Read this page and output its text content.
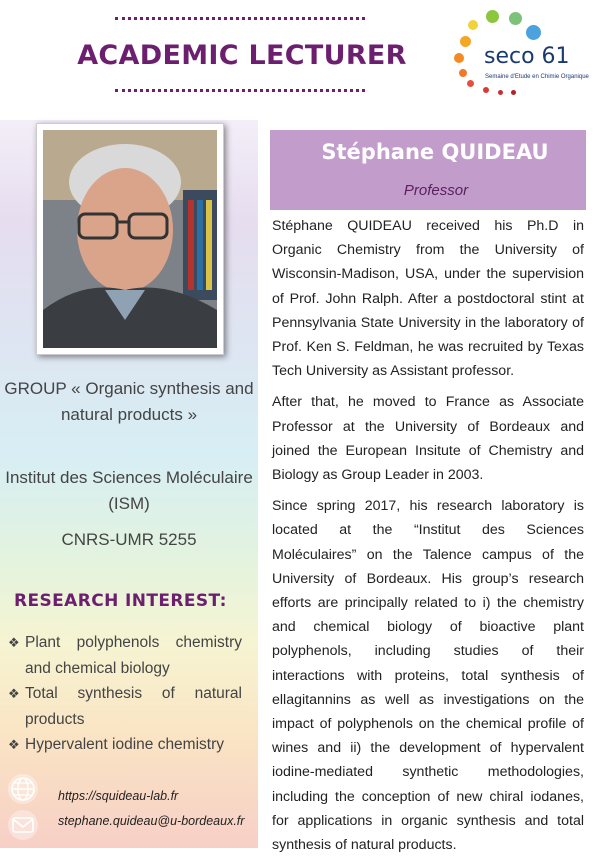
ACADEMIC LECTURER	seco 61
Semaine d'Etude en Chimie Organique
GROUP « Organic synthesis and natural products »
Institut des Sciences Moléculaire (ISM)
CNRS-UMR 5255
RESEARCH INTEREST:
❖ Plant polyphenols chemistry and chemical biology
❖ Total synthesis of natural products
❖ Hypervalent iodine chemistry
https://squideau-lab.fr
stephane.quideau@u-bordeaux.fr
Stéphane QUIDEAU
Professor

Stéphane QUIDEAU received his Ph.D in Organic Chemistry from the University of Wisconsin-Madison, USA, under the supervision of Prof. John Ralph. After a postdoctoral stint at Pennsylvania State University in the laboratory of Prof. Ken S. Feldman, he was recruited by Texas Tech University as Assistant professor.

After that, he moved to France as Associate Professor at the University of Bordeaux and joined the European Insitute of Chemistry and Biology as Group Leader in 2003.

Since spring 2017, his research laboratory is located at the “Institut des Sciences Moléculaires” on the Talence campus of the University of Bordeaux. His group’s research efforts are principally related to i) the chemistry and chemical biology of bioactive plant polyphenols, including studies of their interactions with proteins, total synthesis of ellagitannins as well as investigations on the impact of polyphenols on the chemical profile of wines and ii) the development of hypervalent iodine-mediated synthetic methodologies, including the conception of new chiral iodanes, for applications in organic synthesis and total synthesis of natural products.
